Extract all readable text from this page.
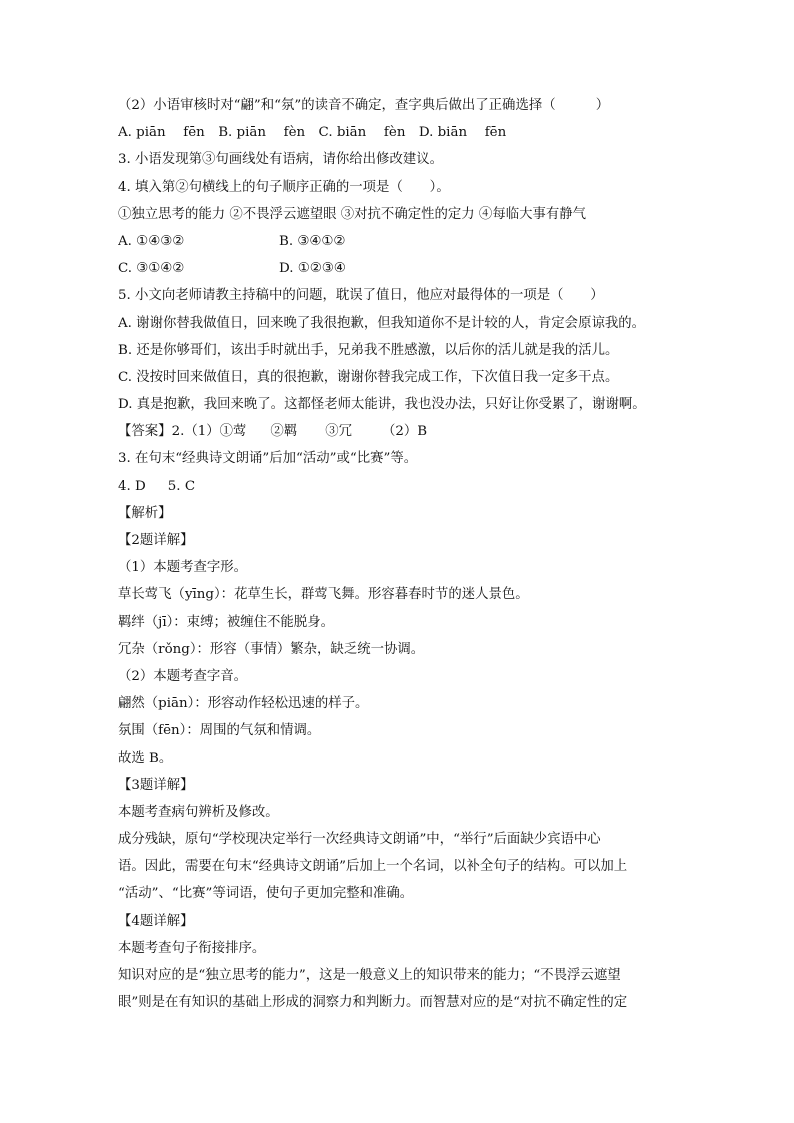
（2）小语审核时对“翩”和“氛”的读音不确定，查字典后做出了正确选择（　　　）
A. piān　 fēn　B. piān　 fèn　C. biān　 fèn　D. biān　 fēn
3. 小语发现第③句画线处有语病，请你给出修改建议。
4. 填入第②句横线上的句子顺序正确的一项是（　　）。
①独立思考的能力 ②不畏浮云遮望眼 ③对抗不确定性的定力 ④每临大事有静气
A. ①④③②	B. ③④①②
C. ③①④②	D. ①②③④
5. 小文向老师请教主持稿中的问题，耽误了值日，他应对最得体的一项是（　　）
A. 谢谢你替我做值日，回来晚了我很抱歉，但我知道你不是计较的人，肯定会原谅我的。
B. 还是你够哥们，该出手时就出手，兄弟我不胜感激，以后你的活儿就是我的活儿。
C. 没按时回来做值日，真的很抱歉，谢谢你替我完成工作，下次值日我一定多干点。
D. 真是抱歉，我回来晚了。这都怪老师太能讲，我也没办法，只好让你受累了，谢谢啊。
【答案】2.（1）①莺 ②羁 ③冗 （2）B
3. 在句末“经典诗文朗诵”后加“活动”或“比赛”等。
4. D 5. C
【解析】
【2题详解】
（1）本题考查字形。
草长莺飞（yīng）：花草生长，群莺飞舞。形容暮春时节的迷人景色。
羁绊（jī）：束缚；被缠住不能脱身。
冗杂（rǒng）：形容（事情）繁杂，缺乏统一协调。
（2）本题考查字音。
翩然（piān）：形容动作轻松迅速的样子。
氛围（fēn）：周围的气氛和情调。
故选 B。
【3题详解】
本题考查病句辨析及修改。
成分残缺，原句“学校现决定举行一次经典诗文朗诵”中，“举行”后面缺少宾语中心
语。因此，需要在句末“经典诗文朗诵”后加上一个名词，以补全句子的结构。可以加上
“活动”、“比赛”等词语，使句子更加完整和准确。
【4题详解】
本题考查句子衔接排序。
知识对应的是“独立思考的能力”，这是一般意义上的知识带来的能力；“不畏浮云遮望
眼”则是在有知识的基础上形成的洞察力和判断力。而智慧对应的是“对抗不确定性的定
